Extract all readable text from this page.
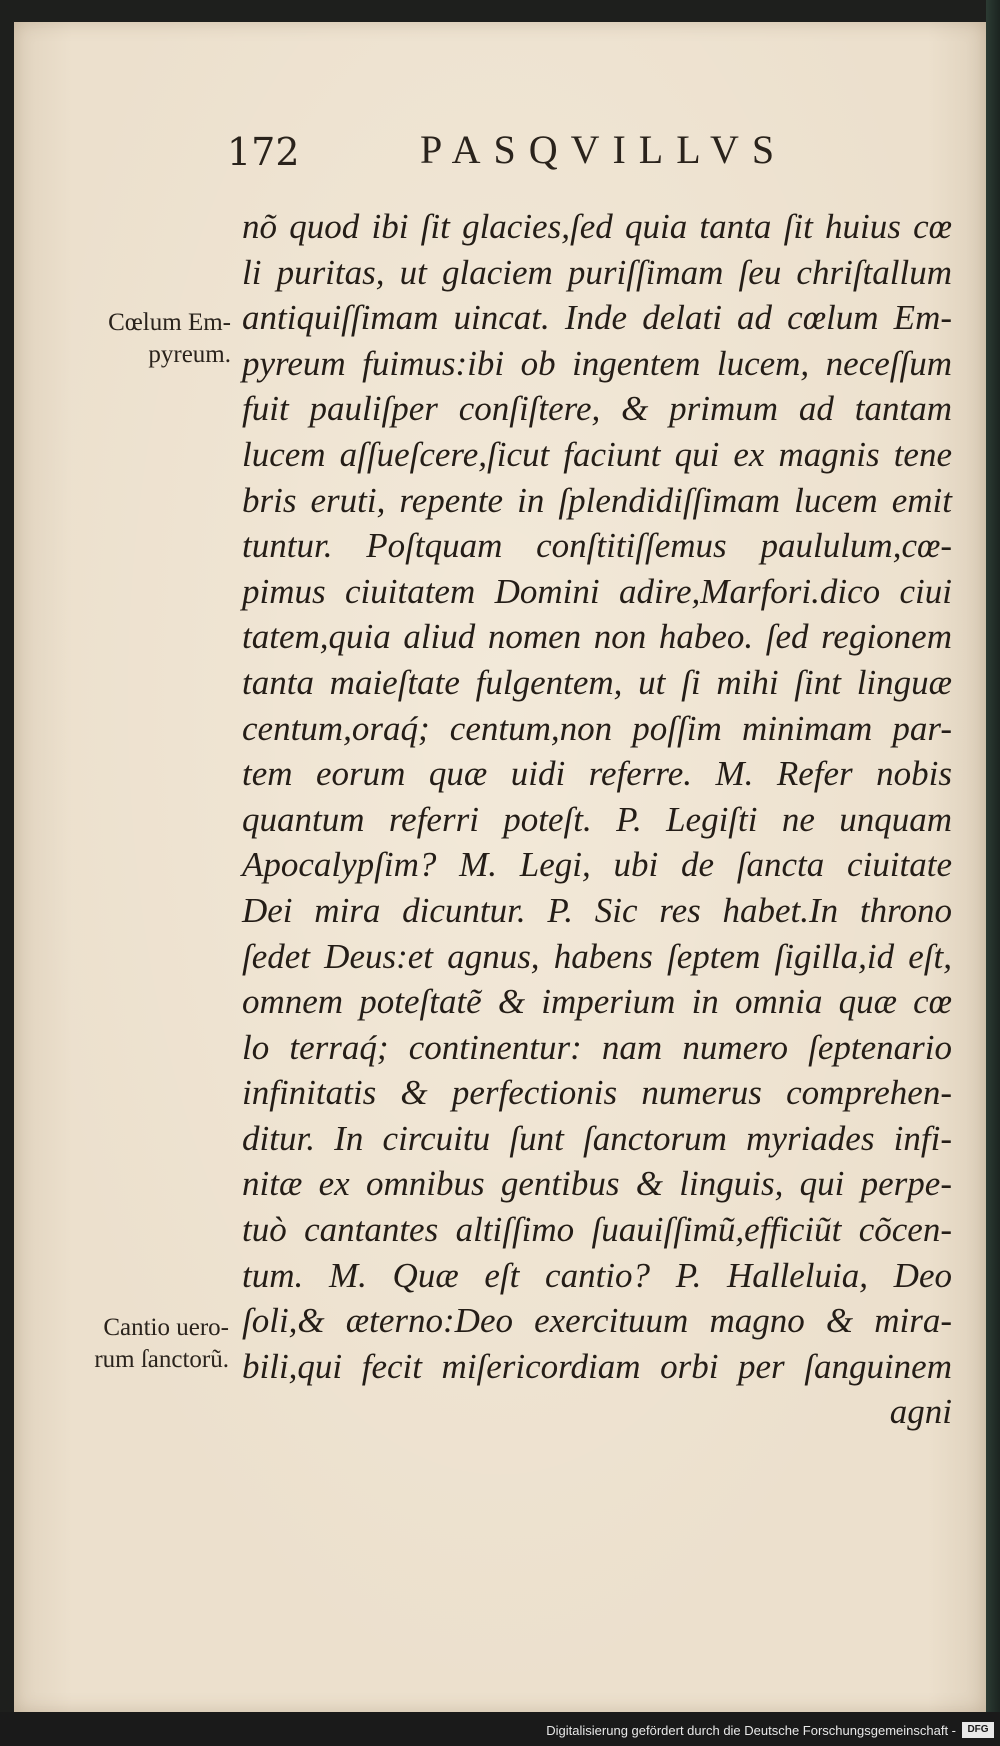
172	PASQVILLVS
Cœlum Em-
pyreum.
Cantio uero-
rum ſanctorũ.
nõ quod ibi ſit glacies,ſed quia tanta ſit huius cœ
li puritas, ut glaciem puriſſimam ſeu chriſtallum
antiquiſſimam uincat. Inde delati ad cœlum Em-
pyreum fuimus:ibi ob ingentem lucem, neceſſum
fuit pauliſper conſiſtere, & primum ad tantam
lucem aſſueſcere,ſicut faciunt qui ex magnis tene
bris eruti, repente in ſplendidiſſimam lucem emit
tuntur. Poſtquam conſtitiſſemus paululum,cœ-
pimus ciuitatem Domini adire,Marfori.dico ciui
tatem,quia aliud nomen non habeo. ſed regionem
tanta maieſtate fulgentem, ut ſi mihi ſint linguæ
centum,oraq́; centum,non poſſim minimam par-
tem eorum quæ uidi referre. M. Refer nobis
quantum referri poteſt. P. Legiſti ne unquam
Apocalypſim? M. Legi, ubi de ſancta ciuitate
Dei mira dicuntur. P. Sic res habet.In throno
ſedet Deus:et agnus, habens ſeptem ſigilla,id eſt,
omnem poteſtatẽ & imperium in omnia quæ cœ
lo terraq́; continentur: nam numero ſeptenario
infinitatis & perfectionis numerus comprehen-
ditur. In circuitu ſunt ſanctorum myriades infi-
nitæ ex omnibus gentibus & linguis, qui perpe-
tuò cantantes altiſſimo ſuauiſſimũ,efficiũt cõcen-
tum. M. Quæ eſt cantio? P. Halleluia, Deo
ſoli,& æterno:Deo exercituum magno & mira-
bili,qui fecit miſericordiam orbi per ſanguinem
agni
Digitalisierung gefördert durch die Deutsche Forschungsgemeinschaft -	DFG
